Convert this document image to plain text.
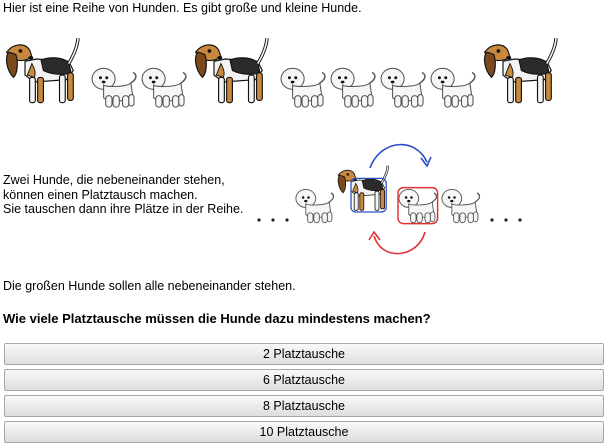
Hier ist eine Reihe von Hunden. Es gibt große und kleine Hunde.
Zwei Hunde, die nebeneinander stehen,
können einen Platztausch machen.
Sie tauschen dann ihre Plätze in der Reihe.
Die großen Hunde sollen alle nebeneinander stehen.
Wie viele Platztausche müssen die Hunde dazu mindestens machen?
2 Platztausche
6 Platztausche
8 Platztausche
10 Platztausche
